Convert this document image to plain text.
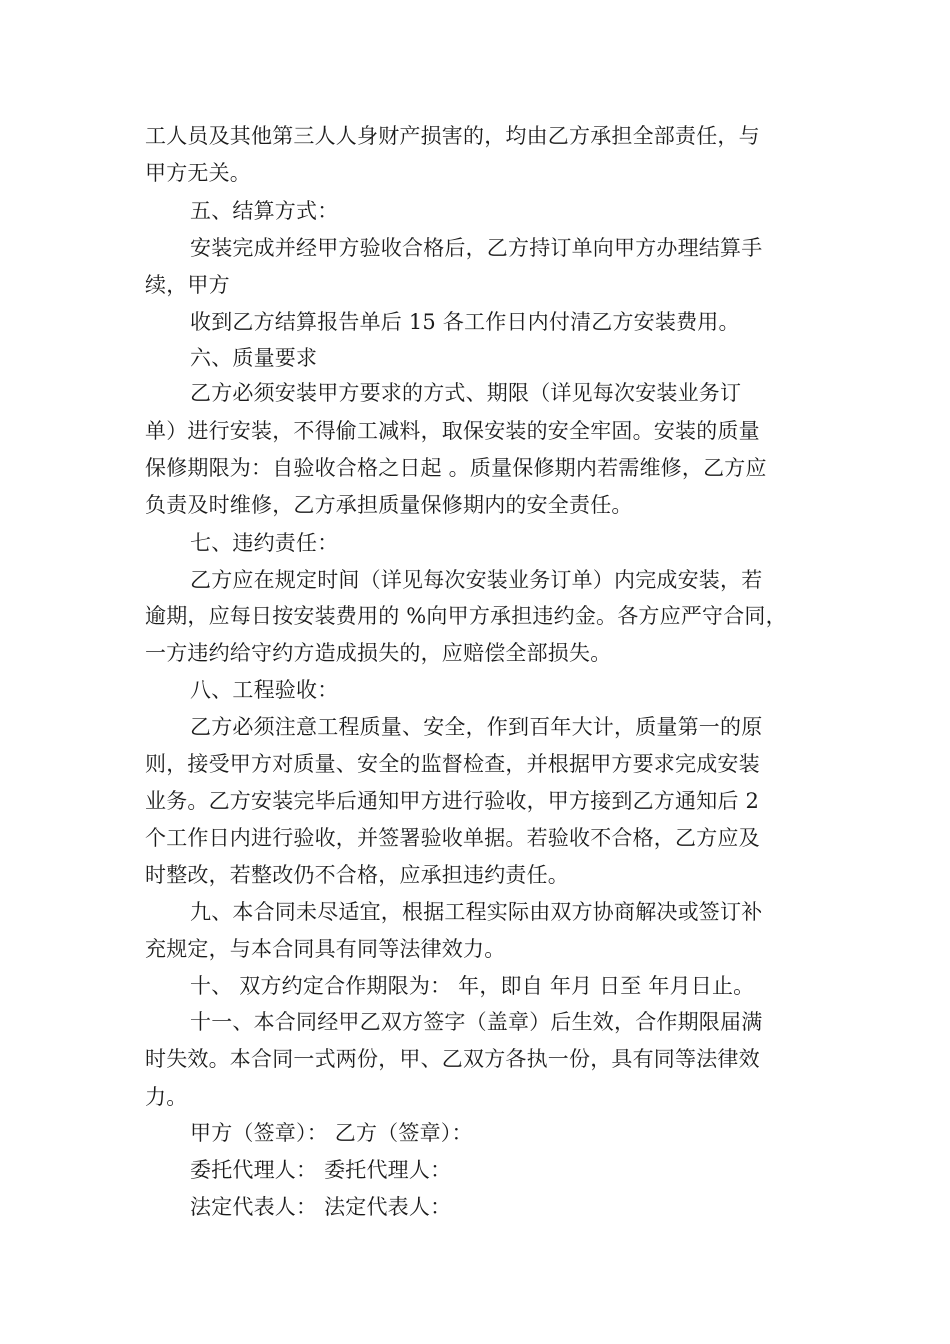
工人员及其他第三人人身财产损害的，均由乙方承担全部责任，与
甲方无关。
五、结算方式：
安装完成并经甲方验收合格后，乙方持订单向甲方办理结算手
续，甲方
收到乙方结算报告单后 15 各工作日内付清乙方安装费用。
六、质量要求
乙方必须安装甲方要求的方式、期限（详见每次安装业务订
单）进行安装，不得偷工减料，取保安装的安全牢固。安装的质量
保修期限为：自验收合格之日起 。质量保修期内若需维修，乙方应
负责及时维修，乙方承担质量保修期内的安全责任。
七、违约责任：
乙方应在规定时间（详见每次安装业务订单）内完成安装，若
逾期，应每日按安装费用的 %向甲方承担违约金。各方应严守合同，
一方违约给守约方造成损失的，应赔偿全部损失。
八、工程验收：
乙方必须注意工程质量、安全，作到百年大计，质量第一的原
则，接受甲方对质量、安全的监督检查，并根据甲方要求完成安装
业务。乙方安装完毕后通知甲方进行验收，甲方接到乙方通知后 2
个工作日内进行验收，并签署验收单据。若验收不合格，乙方应及
时整改，若整改仍不合格，应承担违约责任。
九、本合同未尽适宜，根据工程实际由双方协商解决或签订补
充规定，与本合同具有同等法律效力。
十、 双方约定合作期限为： 年，即自 年月 日至 年月日止。
十一、本合同经甲乙双方签字（盖章）后生效，合作期限届满
时失效。本合同一式两份，甲、乙双方各执一份，具有同等法律效
力。
甲方（签章）： 乙方（签章）：
委托代理人： 委托代理人：
法定代表人： 法定代表人：
